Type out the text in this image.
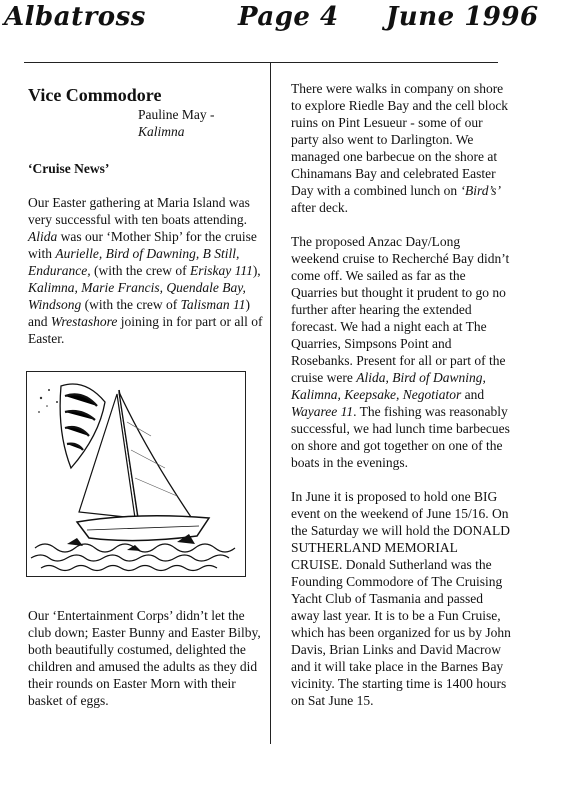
Albatross	Page 4 June 1996

Vice Commodore

Pauline May - Kalimna

‘Cruise News’

Our Easter gathering at Maria Island was very successful with ten boats attending. Alida was our ‘Mother Ship’ for the cruise with Aurielle, Bird of Dawning, B Still, Endurance, (with the crew of Eriskay 111), Kalimna, Marie Francis, Quendale Bay, Windsong (with the crew of Talisman 11) and Wrestashore joining in for part or all of Easter.

Our ‘Entertainment Corps’ didn’t let the club down; Easter Bunny and Easter Bilby, both beautifully costumed, delighted the children and amused the adults as they did their rounds on Easter Morn with their basket of eggs.

There were walks in company on shore to explore Riedle Bay and the cell block ruins on Pint Lesueur - some of our party also went to Darlington. We managed one barbecue on the shore at Chinamans Bay and celebrated Easter Day with a combined lunch on ‘Bird’s’ after deck.

The proposed Anzac Day/Long weekend cruise to Recherché Bay didn’t come off. We sailed as far as the Quarries but thought it prudent to go no further after hearing the extended forecast. We had a night each at The Quarries, Simpsons Point and Rosebanks. Present for all or part of the cruise were Alida, Bird of Dawning, Kalimna, Keepsake, Negotiator and Wayaree 11. The fishing was reasonably successful, we had lunch time barbecues on shore and got together on one of the boats in the evenings.

In June it is proposed to hold one BIG event on the weekend of June 15/16. On the Saturday we will hold the DONALD SUTHERLAND MEMORIAL CRUISE. Donald Sutherland was the Founding Commodore of The Cruising Yacht Club of Tasmania and passed away last year. It is to be a Fun Cruise, which has been organized for us by John Davis, Brian Links and David Macrow and it will take place in the Barnes Bay vicinity. The starting time is 1400 hours on Sat June 15.
